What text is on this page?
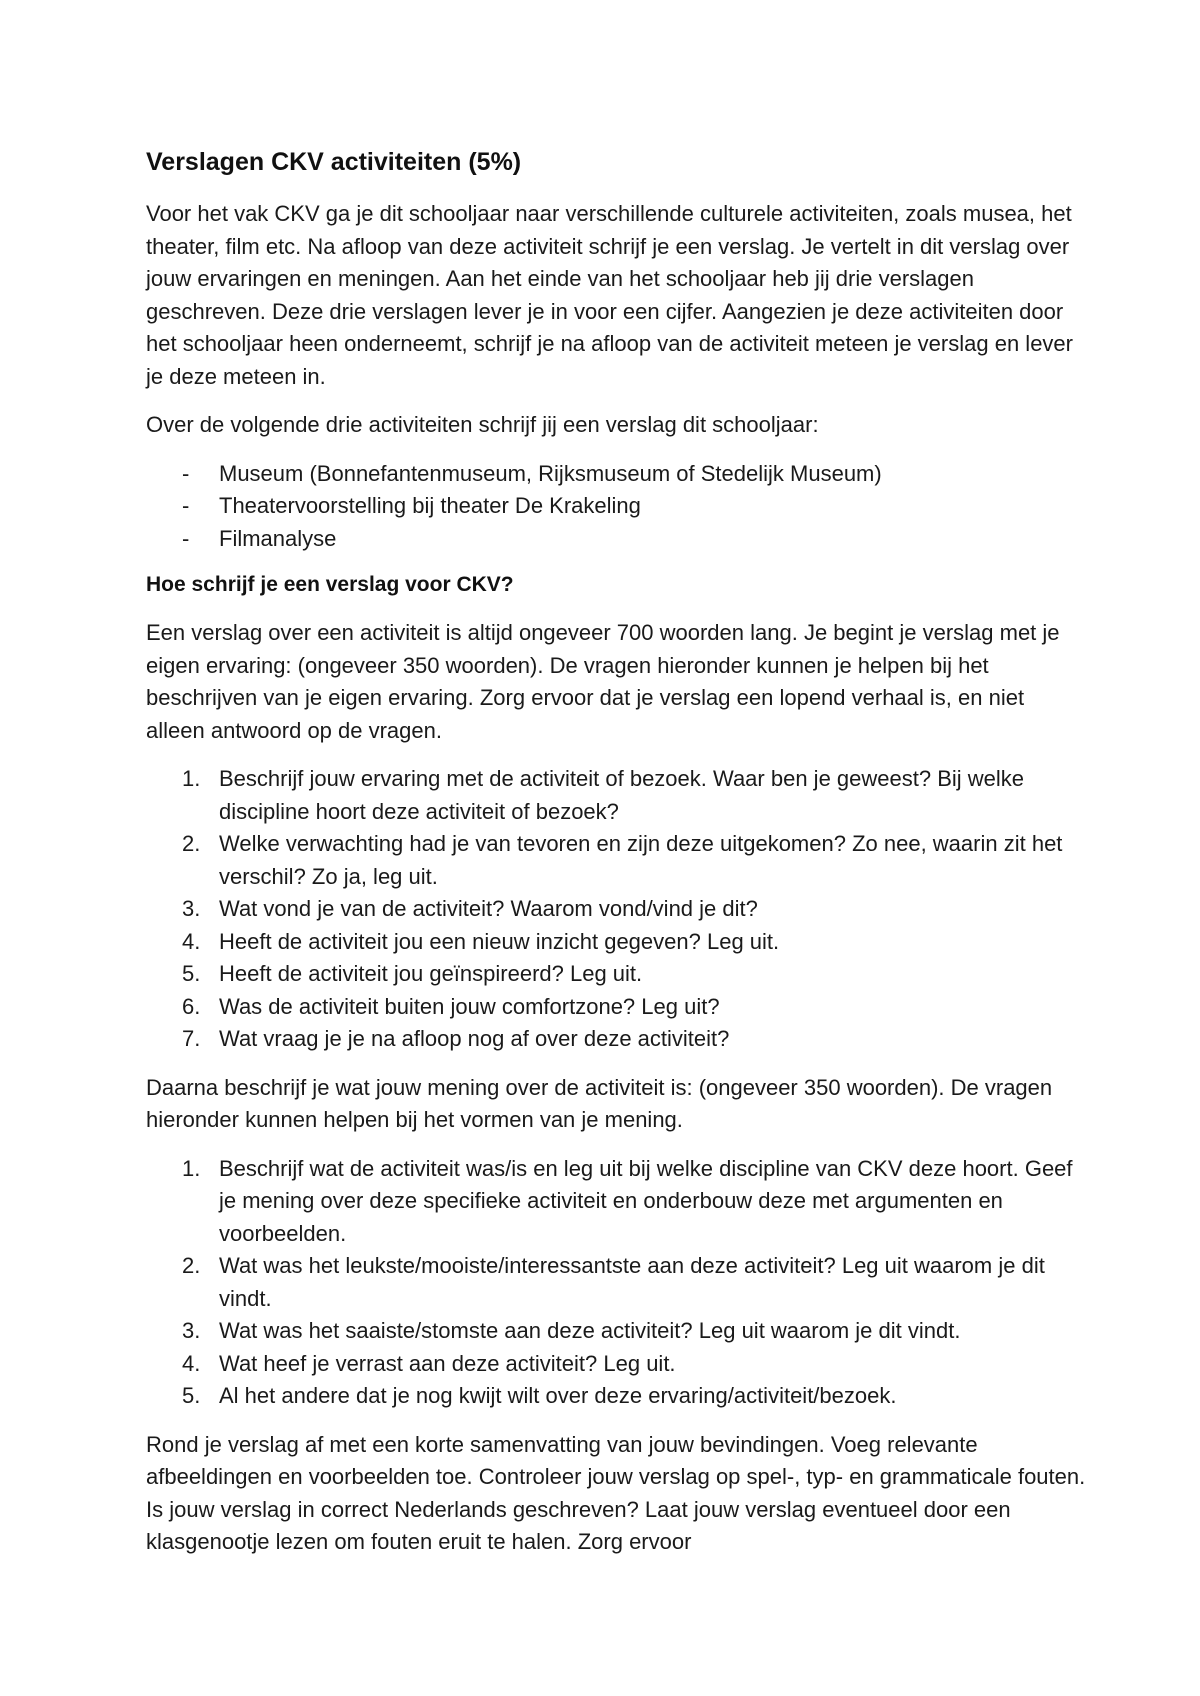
Verslagen CKV activiteiten (5%)

Voor het vak CKV ga je dit schooljaar naar verschillende culturele activiteiten, zoals musea, het theater, film etc. Na afloop van deze activiteit schrijf je een verslag. Je vertelt in dit verslag over jouw ervaringen en meningen. Aan het einde van het schooljaar heb jij drie verslagen geschreven. Deze drie verslagen lever je in voor een cijfer. Aangezien je deze activiteiten door het schooljaar heen onderneemt, schrijf je na afloop van de activiteit meteen je verslag en lever je deze meteen in.

Over de volgende drie activiteiten schrijf jij een verslag dit schooljaar:

- Museum (Bonnefantenmuseum, Rijksmuseum of Stedelijk Museum)
- Theatervoorstelling bij theater De Krakeling
- Filmanalyse
Hoe schrijf je een verslag voor CKV?

Een verslag over een activiteit is altijd ongeveer 700 woorden lang. Je begint je verslag met je eigen ervaring: (ongeveer 350 woorden). De vragen hieronder kunnen je helpen bij het beschrijven van je eigen ervaring. Zorg ervoor dat je verslag een lopend verhaal is, en niet alleen antwoord op de vragen.

1. Beschrijf jouw ervaring met de activiteit of bezoek. Waar ben je geweest? Bij welke discipline hoort deze activiteit of bezoek?
2. Welke verwachting had je van tevoren en zijn deze uitgekomen? Zo nee, waarin zit het verschil? Zo ja, leg uit.
3. Wat vond je van de activiteit? Waarom vond/vind je dit?
4. Heeft de activiteit jou een nieuw inzicht gegeven? Leg uit.
5. Heeft de activiteit jou geïnspireerd? Leg uit.
6. Was de activiteit buiten jouw comfortzone? Leg uit?
7. Wat vraag je je na afloop nog af over deze activiteit?

Daarna beschrijf je wat jouw mening over de activiteit is: (ongeveer 350 woorden). De vragen hieronder kunnen helpen bij het vormen van je mening.

1. Beschrijf wat de activiteit was/is en leg uit bij welke discipline van CKV deze hoort. Geef je mening over deze specifieke activiteit en onderbouw deze met argumenten en voorbeelden.
2. Wat was het leukste/mooiste/interessantste aan deze activiteit? Leg uit waarom je dit vindt.
3. Wat was het saaiste/stomste aan deze activiteit? Leg uit waarom je dit vindt.
4. Wat heef je verrast aan deze activiteit? Leg uit.
5. Al het andere dat je nog kwijt wilt over deze ervaring/activiteit/bezoek.

Rond je verslag af met een korte samenvatting van jouw bevindingen. Voeg relevante afbeeldingen en voorbeelden toe. Controleer jouw verslag op spel-, typ- en grammaticale fouten. Is jouw verslag in correct Nederlands geschreven? Laat jouw verslag eventueel door een klasgenootje lezen om fouten eruit te halen. Zorg ervoor
